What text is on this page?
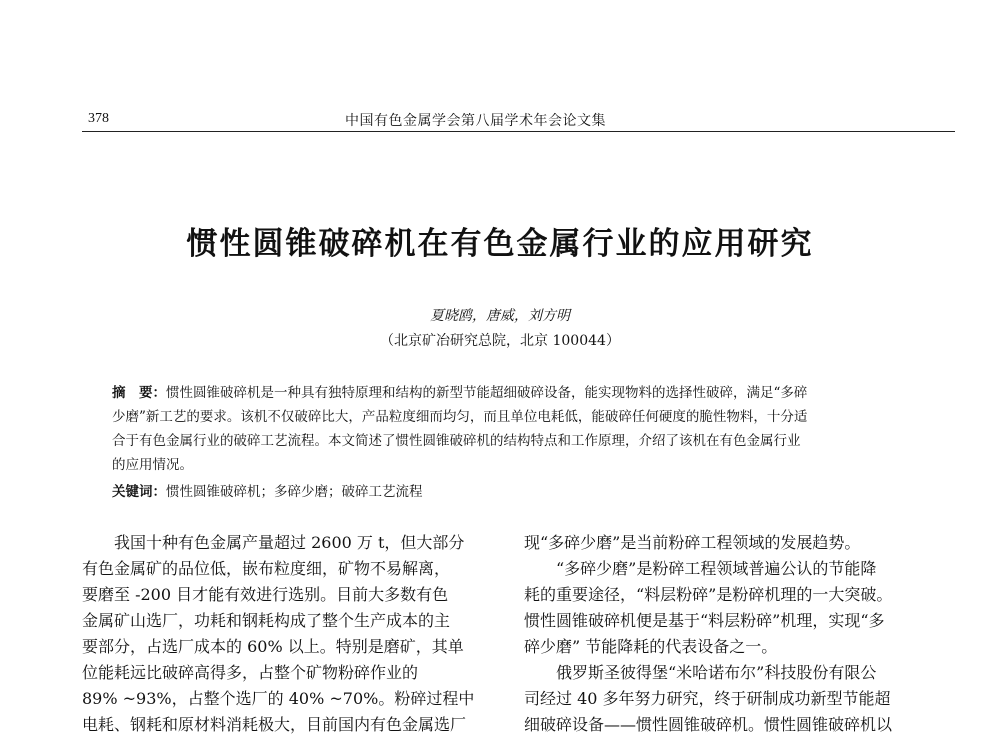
378	中国有色金属学会第八届学术年会论文集
惯性圆锥破碎机在有色金属行业的应用研究
夏晓鸥，唐威，刘方明
（北京矿冶研究总院，北京 100044）
摘　要：惯性圆锥破碎机是一种具有独特原理和结构的新型节能超细破碎设备，能实现物料的选择性破碎，满足“多碎
少磨”新工艺的要求。该机不仅破碎比大，产品粒度细而均匀，而且单位电耗低，能破碎任何硬度的脆性物料，十分适
合于有色金属行业的破碎工艺流程。本文简述了惯性圆锥破碎机的结构特点和工作原理，介绍了该机在有色金属行业
的应用情况。
关键词：惯性圆锥破碎机；多碎少磨；破碎工艺流程
　　我国十种有色金属产量超过 2600 万 t，但大部分
有色金属矿的品位低，嵌布粒度细，矿物不易解离，
要磨至 -200 目才能有效进行选别。目前大多数有色
金属矿山选厂，功耗和钢耗构成了整个生产成本的主
要部分，占选厂成本的 60% 以上。特别是磨矿，其单
位能耗远比破碎高得多，占整个矿物粉碎作业的
89% ~93%，占整个选厂的 40% ~70%。粉碎过程中
电耗、钢耗和原材料消耗极大，目前国内有色金属选厂
现“多碎少磨”是当前粉碎工程领域的发展趋势。
　　“多碎少磨”是粉碎工程领域普遍公认的节能降
耗的重要途径，“料层粉碎”是粉碎机理的一大突破。
惯性圆锥破碎机便是基于“料层粉碎”机理，实现“多
碎少磨” 节能降耗的代表设备之一。
　　俄罗斯圣彼得堡“米哈诺布尔”科技股份有限公
司经过 40 多年努力研究，终于研制成功新型节能超
细破碎设备——惯性圆锥破碎机。惯性圆锥破碎机以
